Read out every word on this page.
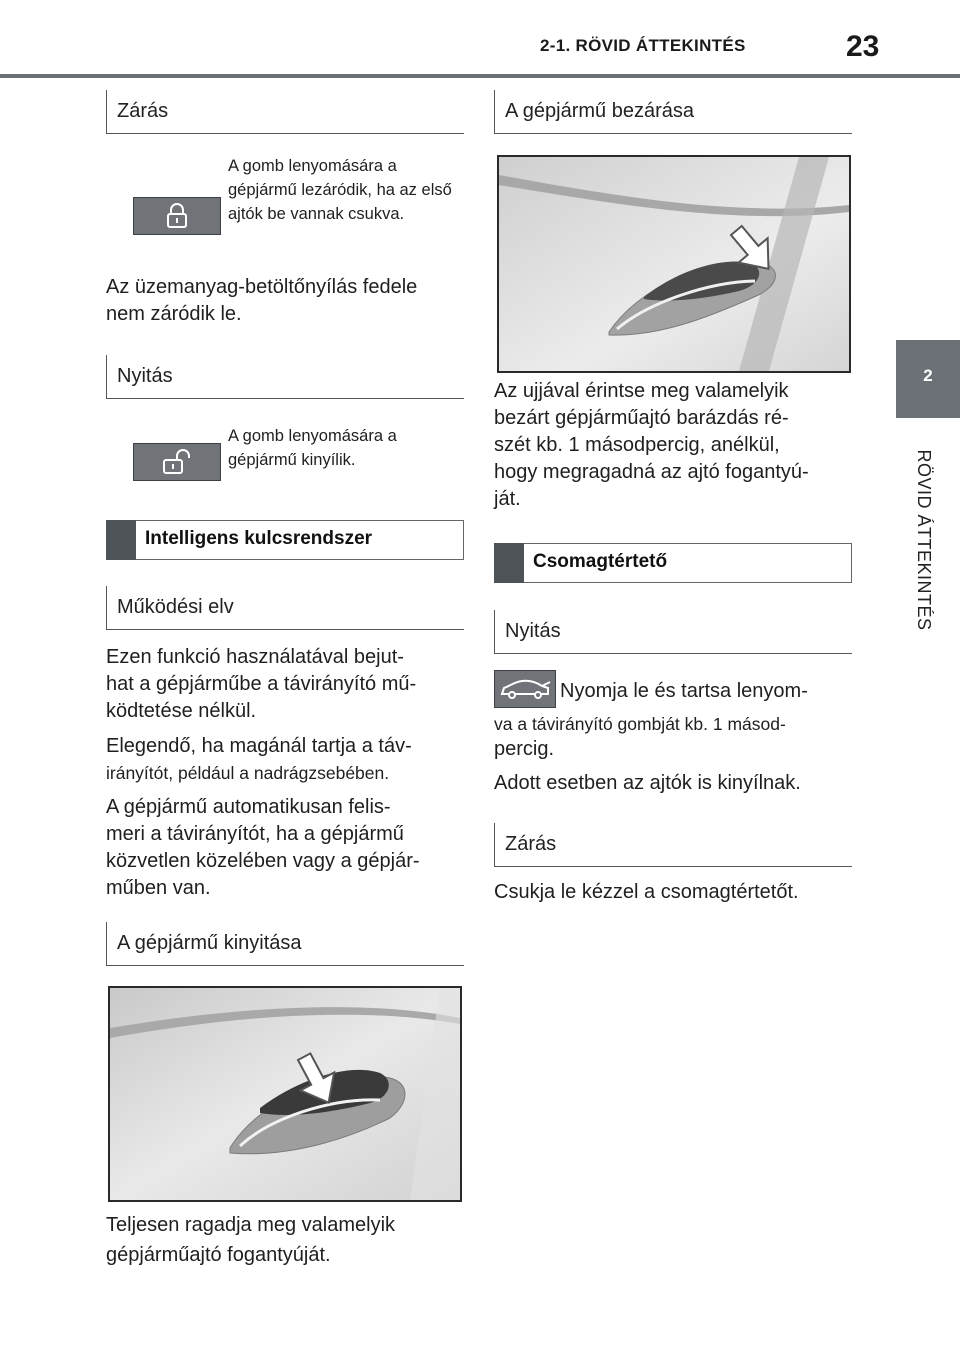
2-1. RÖVID ÁTTEKINTÉS	23
2
RÖVID ÁTTEKINTÉS
Zárás
A gomb lenyomására a gépjármű lezáródik, ha az első ajtók be vannak csukva.
Az üzemanyag-betöltőnyílás fedele
nem záródik le.
Nyitás
A gomb lenyomására a gépjármű kinyílik.
Intelligens kulcsrendszer
Működési elv
Ezen funkció használatával bejut-
hat a gépjárműbe a távirányító mű-
ködtetése nélkül.
Elegendő, ha magánál tartja a táv-
irányítót, például a nadrágzsebében.
A gépjármű automatikusan felis-
meri a távirányítót, ha a gépjármű
közvetlen közelében vagy a gépjár-
műben van.
A gépjármű kinyitása
Teljesen ragadja meg valamelyik
gépjárműajtó fogantyúját.
A gépjármű bezárása
Az ujjával érintse meg valamelyik
bezárt gépjárműajtó barázdás ré-
szét kb. 1 másodpercig, anélkül,
hogy megragadná az ajtó fogantyú-
ját.
Csomagtértető
Nyitás
Nyomja le és tartsa lenyom-
va a távirányító gombját kb. 1 másod-
percig.
Adott esetben az ajtók is kinyílnak.
Zárás
Csukja le kézzel a csomagtértetőt.
